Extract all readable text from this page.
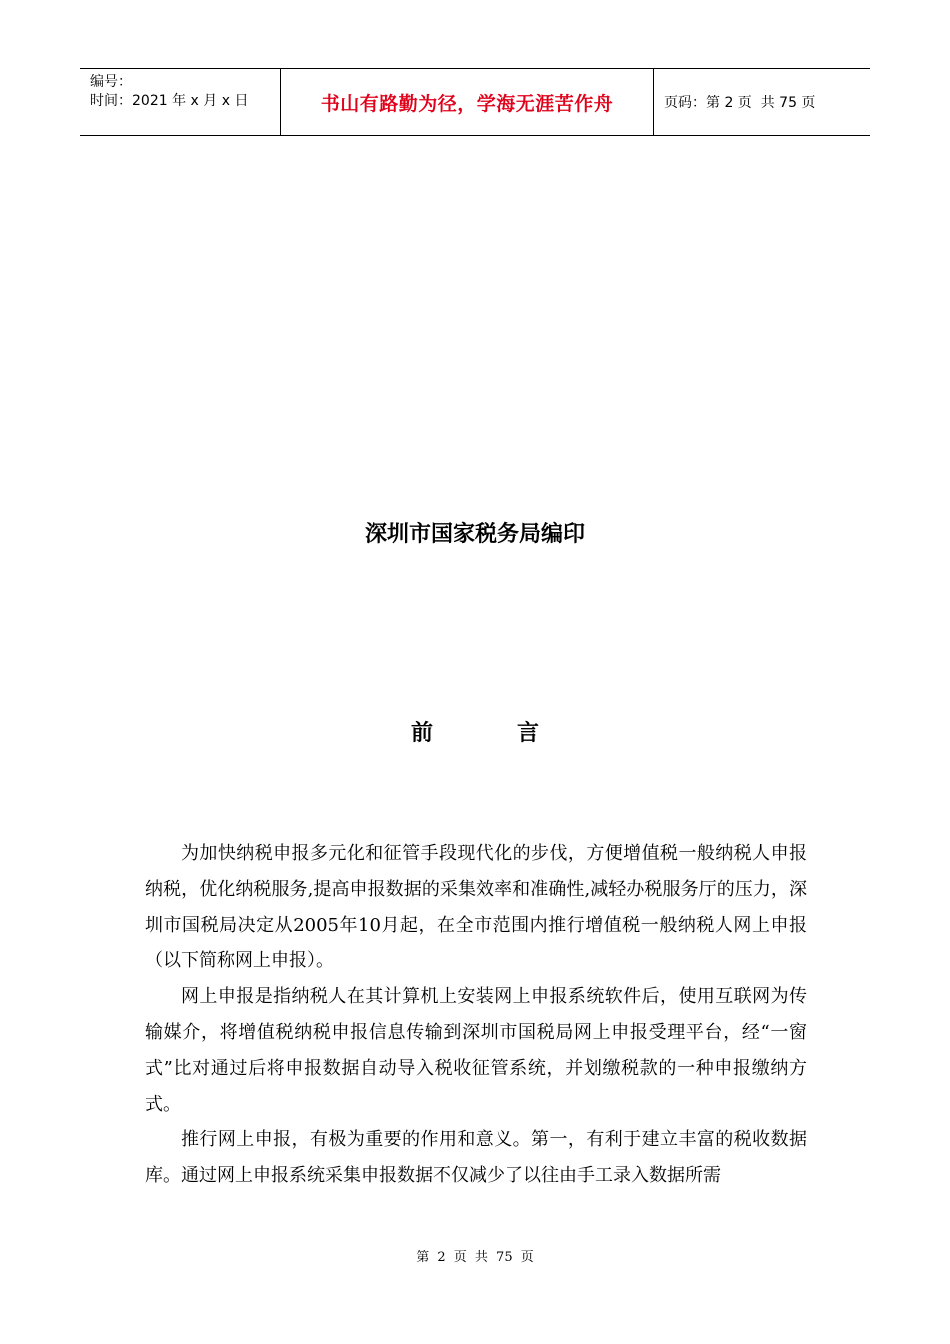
编号：
时间：2021 年 x 月 x 日	书山有路勤为径，学海无涯苦作舟	页码：第 2 页  共 75 页
深圳市国家税务局编印
前	言

为加快纳税申报多元化和征管手段现代化的步伐，方便增值税一般纳税人申报纳税，优化纳税服务,提高申报数据的采集效率和准确性,减轻办税服务厅的压力，深圳市国税局决定从2005年10月起，在全市范围内推行增值税一般纳税人网上申报（以下简称网上申报）。

网上申报是指纳税人在其计算机上安装网上申报系统软件后，使用互联网为传输媒介，将增值税纳税申报信息传输到深圳市国税局网上申报受理平台，经“一窗式”比对通过后将申报数据自动导入税收征管系统，并划缴税款的一种申报缴纳方式。

推行网上申报，有极为重要的作用和意义。第一，有利于建立丰富的税收数据库。通过网上申报系统采集申报数据不仅减少了以往由手工录入数据所需

第 2 页 共 75 页
